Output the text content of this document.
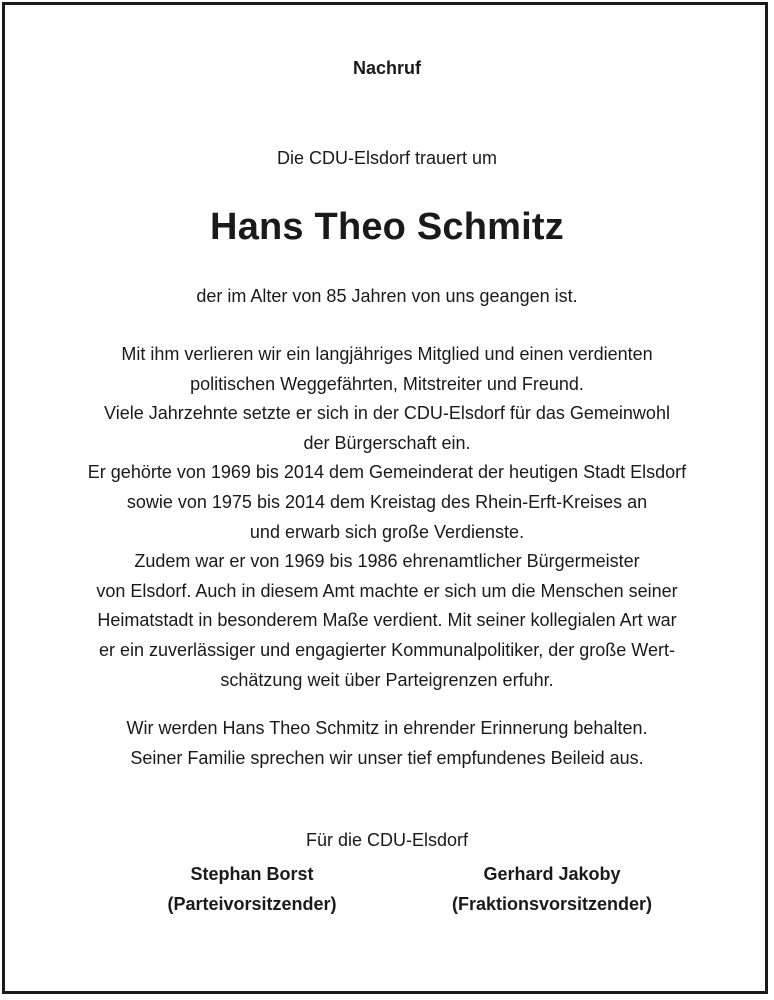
Nachruf
Die CDU-Elsdorf trauert um
Hans Theo Schmitz
der im Alter von 85 Jahren von uns geangen ist.
Mit ihm verlieren wir ein langjähriges Mitglied und einen verdienten
politischen Weggefährten, Mitstreiter und Freund.
Viele Jahrzehnte setzte er sich in der CDU-Elsdorf für das Gemeinwohl
der Bürgerschaft ein.
Er gehörte von 1969 bis 2014 dem Gemeinderat der heutigen Stadt Elsdorf
sowie von 1975 bis 2014 dem Kreistag des Rhein-Erft-Kreises an
und erwarb sich große Verdienste.
Zudem war er von 1969 bis 1986 ehrenamtlicher Bürgermeister
von Elsdorf. Auch in diesem Amt machte er sich um die Menschen seiner
Heimatstadt in besonderem Maße verdient. Mit seiner kollegialen Art war
er ein zuverlässiger und engagierter Kommunalpolitiker, der große Wert-
schätzung weit über Parteigrenzen erfuhr.
Wir werden Hans Theo Schmitz in ehrender Erinnerung behalten.
Seiner Familie sprechen wir unser tief empfundenes Beileid aus.
Für die CDU-Elsdorf
Stephan Borst
(Parteivorsitzender)
Gerhard Jakoby
(Fraktionsvorsitzender)
